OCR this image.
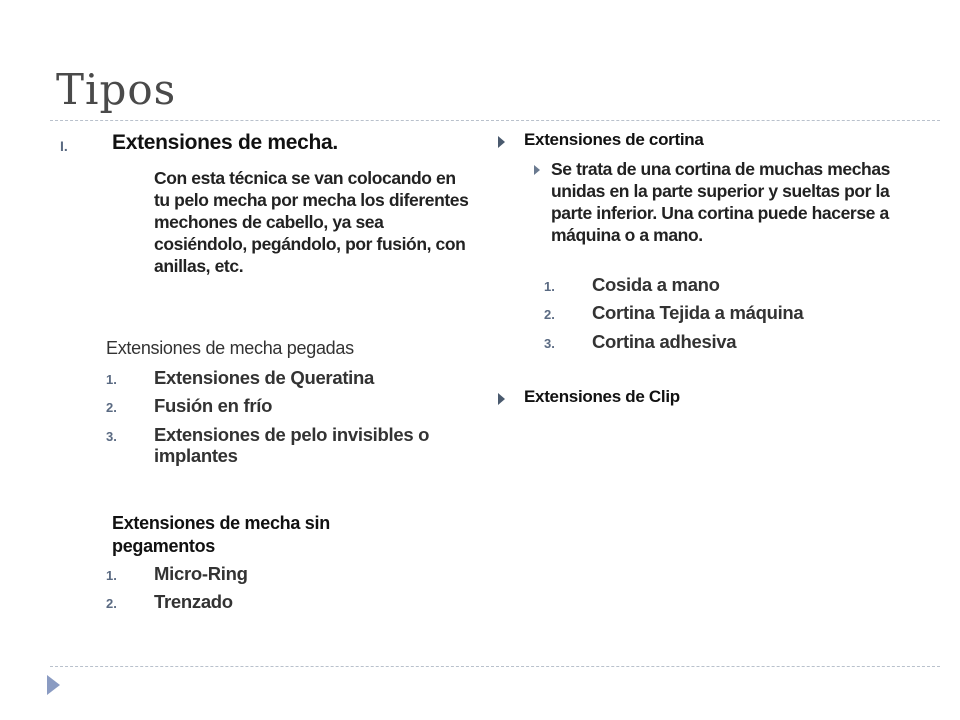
Tipos
I. Extensiones de mecha.
Con esta técnica se van colocando en tu pelo mecha por mecha los diferentes mechones de cabello, ya sea cosiéndolo, pegándolo, por fusión, con anillas, etc.
Extensiones de mecha pegadas
1. Extensiones de Queratina
2. Fusión en frío
3. Extensiones de pelo invisibles o implantes
Extensiones de mecha sin pegamentos
1. Micro-Ring
2. Trenzado
Extensiones de cortina
Se trata de una cortina de muchas mechas unidas en la parte superior y sueltas por la parte inferior. Una cortina puede hacerse a máquina o a mano.
1. Cosida a mano
2. Cortina Tejida a máquina
3. Cortina adhesiva
Extensiones de Clip
